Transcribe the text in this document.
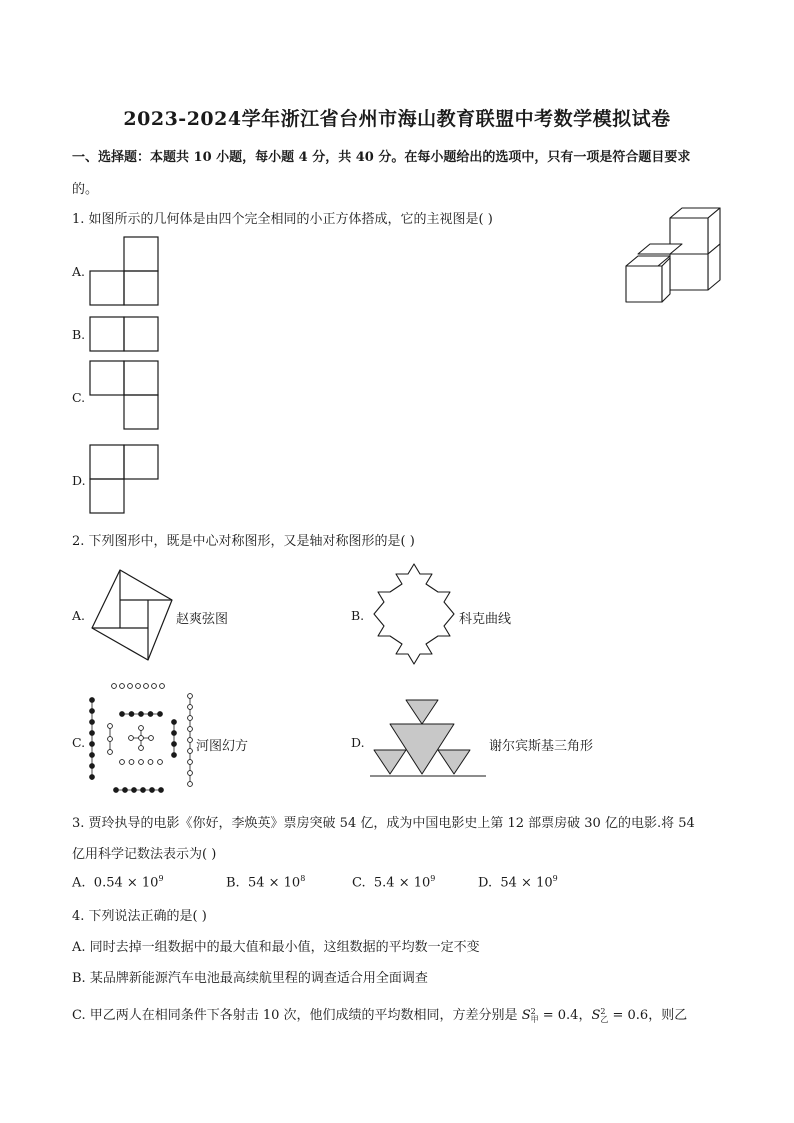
2023-2024学年浙江省台州市海山教育联盟中考数学模拟试卷
一、选择题：本题共 10 小题，每小题 4 分，共 40 分。在每小题给出的选项中，只有一项是符合题目要求
的。
1. 如图所示的几何体是由四个完全相同的小正方体搭成，它的主视图是( )
A.
B.
C.
D.
2. 下列图形中，既是中心对称图形，又是轴对称图形的是( )
A.	赵爽弦图	B.	科克曲线
C.	河图幻方	D.	谢尔宾斯基三角形
3. 贾玲执导的电影《你好，李焕英》票房突破 54 亿，成为中国电影史上第 12 部票房破 30 亿的电影.将 54
亿用科学记数法表示为( )
A. $0.54 \times 10^9$	B. $54 \times 10^8$	C. $5.4 \times 10^9$	D. $54 \times 10^9$
4. 下列说法正确的是( )
A. 同时去掉一组数据中的最大值和最小值，这组数据的平均数一定不变
B. 某品牌新能源汽车电池最高续航里程的调查适合用全面调查
C. 甲乙两人在相同条件下各射击 10 次，他们成绩的平均数相同，方差分别是 S 2
甲 = 0.4，S 2
乙 = 0.6，则乙
